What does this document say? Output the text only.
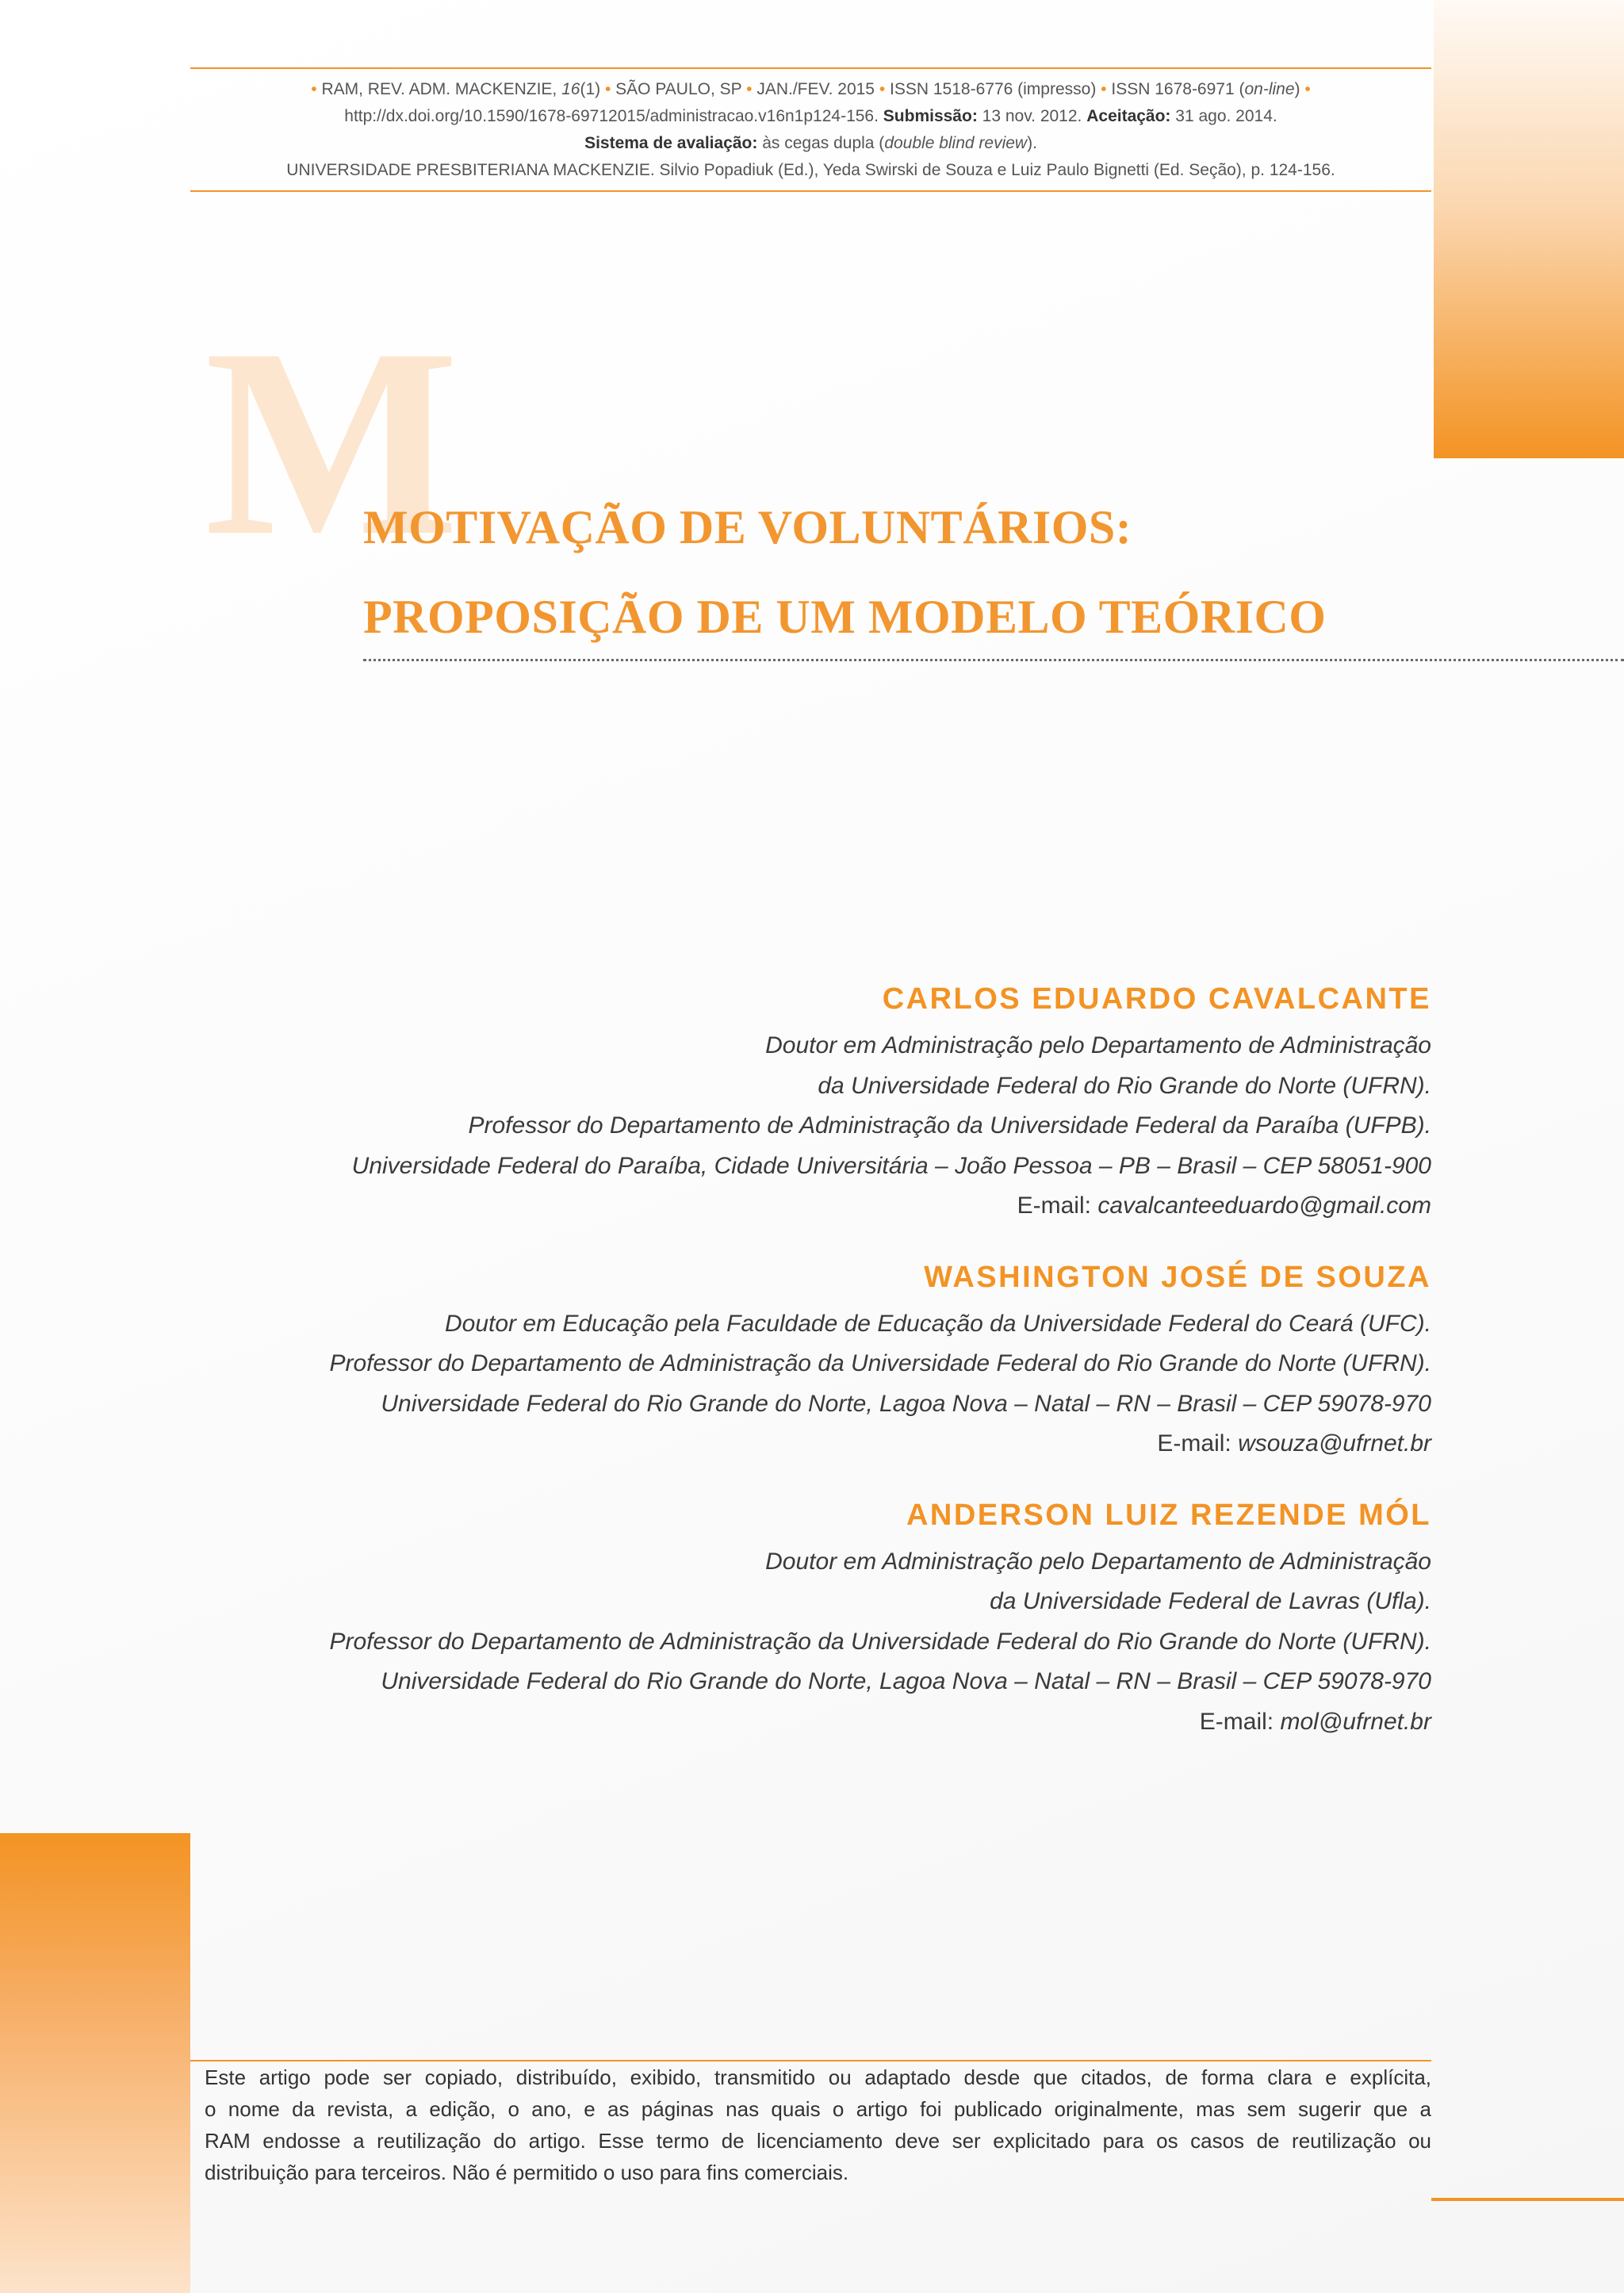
• RAM, REV. ADM. MACKENZIE, 16(1) • SÃO PAULO, SP • JAN./FEV. 2015 • ISSN 1518-6776 (impresso) • ISSN 1678-6971 (on-line) •
http://dx.doi.org/10.1590/1678-69712015/administracao.v16n1p124-156. Submissão: 13 nov. 2012. Aceitação: 31 ago. 2014.
Sistema de avaliação: às cegas dupla (double blind review).
UNIVERSIDADE PRESBITERIANA MACKENZIE. Silvio Popadiuk (Ed.), Yeda Swirski de Souza e Luiz Paulo Bignetti (Ed. Seção), p. 124-156.
M
MOTIVAÇÃO DE VOLUNTÁRIOS:
PROPOSIÇÃO DE UM MODELO TEÓRICO
CARLOS EDUARDO CAVALCANTE
Doutor em Administração pelo Departamento de Administração
da Universidade Federal do Rio Grande do Norte (UFRN).
Professor do Departamento de Administração da Universidade Federal da Paraíba (UFPB).
Universidade Federal do Paraíba, Cidade Universitária – João Pessoa – PB – Brasil – CEP 58051-900
E-mail: cavalcanteeduardo@gmail.com
WASHINGTON JOSÉ DE SOUZA
Doutor em Educação pela Faculdade de Educação da Universidade Federal do Ceará (UFC).
Professor do Departamento de Administração da Universidade Federal do Rio Grande do Norte (UFRN).
Universidade Federal do Rio Grande do Norte, Lagoa Nova – Natal – RN – Brasil – CEP 59078-970
E-mail: wsouza@ufrnet.br
ANDERSON LUIZ REZENDE MÓL
Doutor em Administração pelo Departamento de Administração
da Universidade Federal de Lavras (Ufla).
Professor do Departamento de Administração da Universidade Federal do Rio Grande do Norte (UFRN).
Universidade Federal do Rio Grande do Norte, Lagoa Nova – Natal – RN – Brasil – CEP 59078-970
E-mail: mol@ufrnet.br
Este artigo pode ser copiado, distribuído, exibido, transmitido ou adaptado desde que citados, de forma clara e explícita,
o nome da revista, a edição, o ano, e as páginas nas quais o artigo foi publicado originalmente, mas sem sugerir que a
RAM endosse a reutilização do artigo. Esse termo de licenciamento deve ser explicitado para os casos de reutilização ou
distribuição para terceiros. Não é permitido o uso para fins comerciais.
